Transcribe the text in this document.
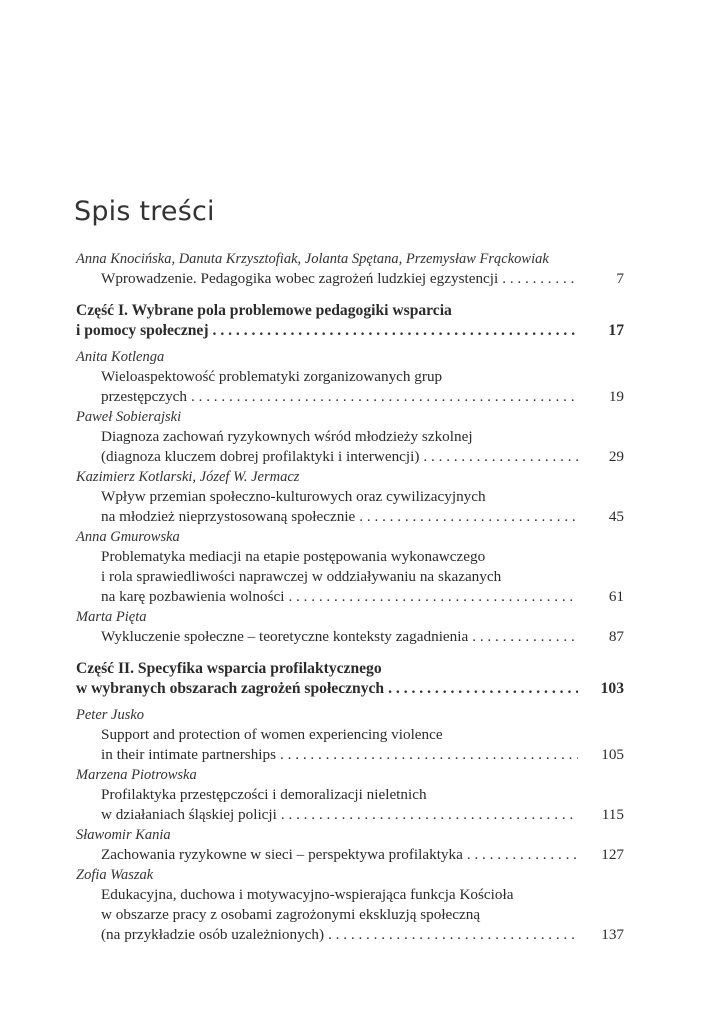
Spis treści
Anna Knocińska, Danuta Krzysztofiak, Jolanta Spętana, Przemysław Frąckowiak
Wprowadzenie. Pedagogika wobec zagrożeń ludzkiej egzystencji . . .	7
Część I. Wybrane pola problemowe pedagogiki wsparcia
i pomocy społecznej . . .	17
Anita Kotlenga
Wieloaspektowość problematyki zorganizowanych grup
przestępczych . . .	19
Paweł Sobierajski
Diagnoza zachowań ryzykownych wśród młodzieży szkolnej
(diagnoza kluczem dobrej profilaktyki i interwencji) . . .	29
Kazimierz Kotlarski, Józef W. Jermacz
Wpływ przemian społeczno-kulturowych oraz cywilizacyjnych
na młodzież nieprzystosowaną społecznie . . .	45
Anna Gmurowska
Problematyka mediacji na etapie postępowania wykonawczego
i rola sprawiedliwości naprawczej w oddziaływaniu na skazanych
na karę pozbawienia wolności . . .	61
Marta Pięta
Wykluczenie społeczne – teoretyczne konteksty zagadnienia . . .	87
Część II. Specyfika wsparcia profilaktycznego
w wybranych obszarach zagrożeń społecznych . . .	103
Peter Jusko
Support and protection of women experiencing violence
in their intimate partnerships . . .	105
Marzena Piotrowska
Profilaktyka przestępczości i demoralizacji nieletnich
w działaniach śląskiej policji . . .	115
Sławomir Kania
Zachowania ryzykowne w sieci – perspektywa profilaktyka . . .	127
Zofia Waszak
Edukacyjna, duchowa i motywacyjno-wspierająca funkcja Kościoła
w obszarze pracy z osobami zagrożonymi ekskluzją społeczną
(na przykładzie osób uzależnionych) . . .	137
